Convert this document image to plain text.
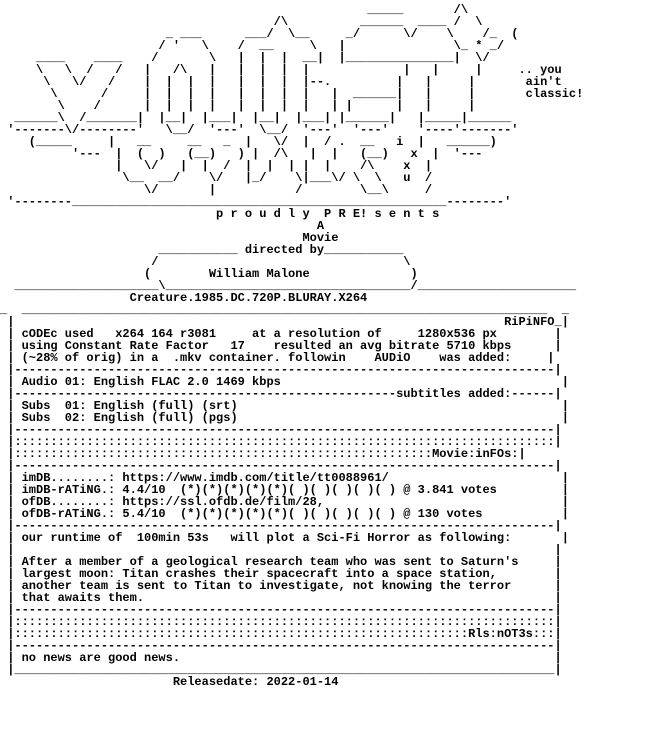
_____       /\
/\          ______  ____ /  \
_ ___      ___/  \__     _/      \/    \    /_  (
/ '   \    /  __     \   |               \_ * _/
____    ____    /       \   |  |  |  __|  |_______________|  \/
\   \  /   /   |   /\   |   |  |  |  |             |   |     |     .. you
\   \/   /    |  |  |  |   |  |  |  |--.         |   |     |       ain't
\      /     |  |  |  |   |  |  |  |   |  ______|   |     |       classic!
\    /      |  |  |  |   |  |  |  |   | |      |   |     |
______\  /_______|  |__|  |___|  |__|  |___| |______|   |_____|______
'-------\/--------'   \__/  '---'  \__/  '---'  '---'    '----'-------'
(_____     |   __     __   _  |   \/  |  / .  __   i  |   ______)
'---  |  (  )   (__)   ) |  /\   |  |   (__)   x  |  '---
|   \/   |  |  /  |  |  | |  |    /\    x  |
\__  __/    \/   |_/    \|___\/ \  \   u  /
\/       |           /        \__\     /
'--------____________________________________________________--------'
p r o u d l y  P R E! s e n t s
A
Movie
___________ directed by___________
/                                  \
(        William Malone              )
____________________\__________________________________/______________________
Creature.1985.DC.720P.BLURAY.X264
_  _________________________________________________________________________  _
|                                                                    RiPiNFO_|
| cODEc used   x264 164 r3081     at a resolution of     1280x536 px        |
| using Constant Rate Factor   17    resulted an avg bitrate 5710 kbps      |
| (~28% of orig) in a  .mkv container. followin    AUDiO    was added:     |
|---------------------------------------------------------------------------|
| Audio 01: English FLAC 2.0 1469 kbps                                       |
|-----------------------------------------------------subtitles added:------|
| Subs  01: English (full) (srt)                                             |
| Subs  02: English (full) (pgs)                                             |
|---------------------------------------------------------------------------|
|:::::::::::::::::::::::::::::::::::::::::::::::::::::::::::::::::::::::::::|
|::::::::::::::::::::::::::::::::::::::::::::::::::::::::::Movie:inFOs:|
|---------------------------------------------------------------------------|
| imDB........: https://www.imdb.com/title/tt0088961/                        |
| imDB-rATiNG.: 4.4/10  (*)(*)(*)(*)(*)( )( )( )( )( ) @ 3.841 votes         |
| ofDB........: https://ssl.ofdb.de/film/28,                                 |
| ofDB-rATiNG.: 5.4/10  (*)(*)(*)(*)(*)( )( )( )( )( ) @ 130 votes           |
|---------------------------------------------------------------------------|
| our runtime of  100min 53s   will plot a Sci-Fi Horror as following:       |
|                                                                           |
| After a member of a geological research team who was sent to Saturn's     |
| largest moon: Titan crashes their spacecraft into a space station,        |
| another team is sent to Titan to investigate, not knowing the terror      |
| that awaits them.                                                         |
|---------------------------------------------------------------------------|
|:::::::::::::::::::::::::::::::::::::::::::::::::::::::::::::::::::::::::::|
|:::::::::::::::::::::::::::::::::::::::::::::::::::::::::::::::Rls:nOT3s:::|
|---------------------------------------------------------------------------|
| no news are good news.                                                    |
|___________________________________________________________________________|
Releasedate: 2022-01-14
